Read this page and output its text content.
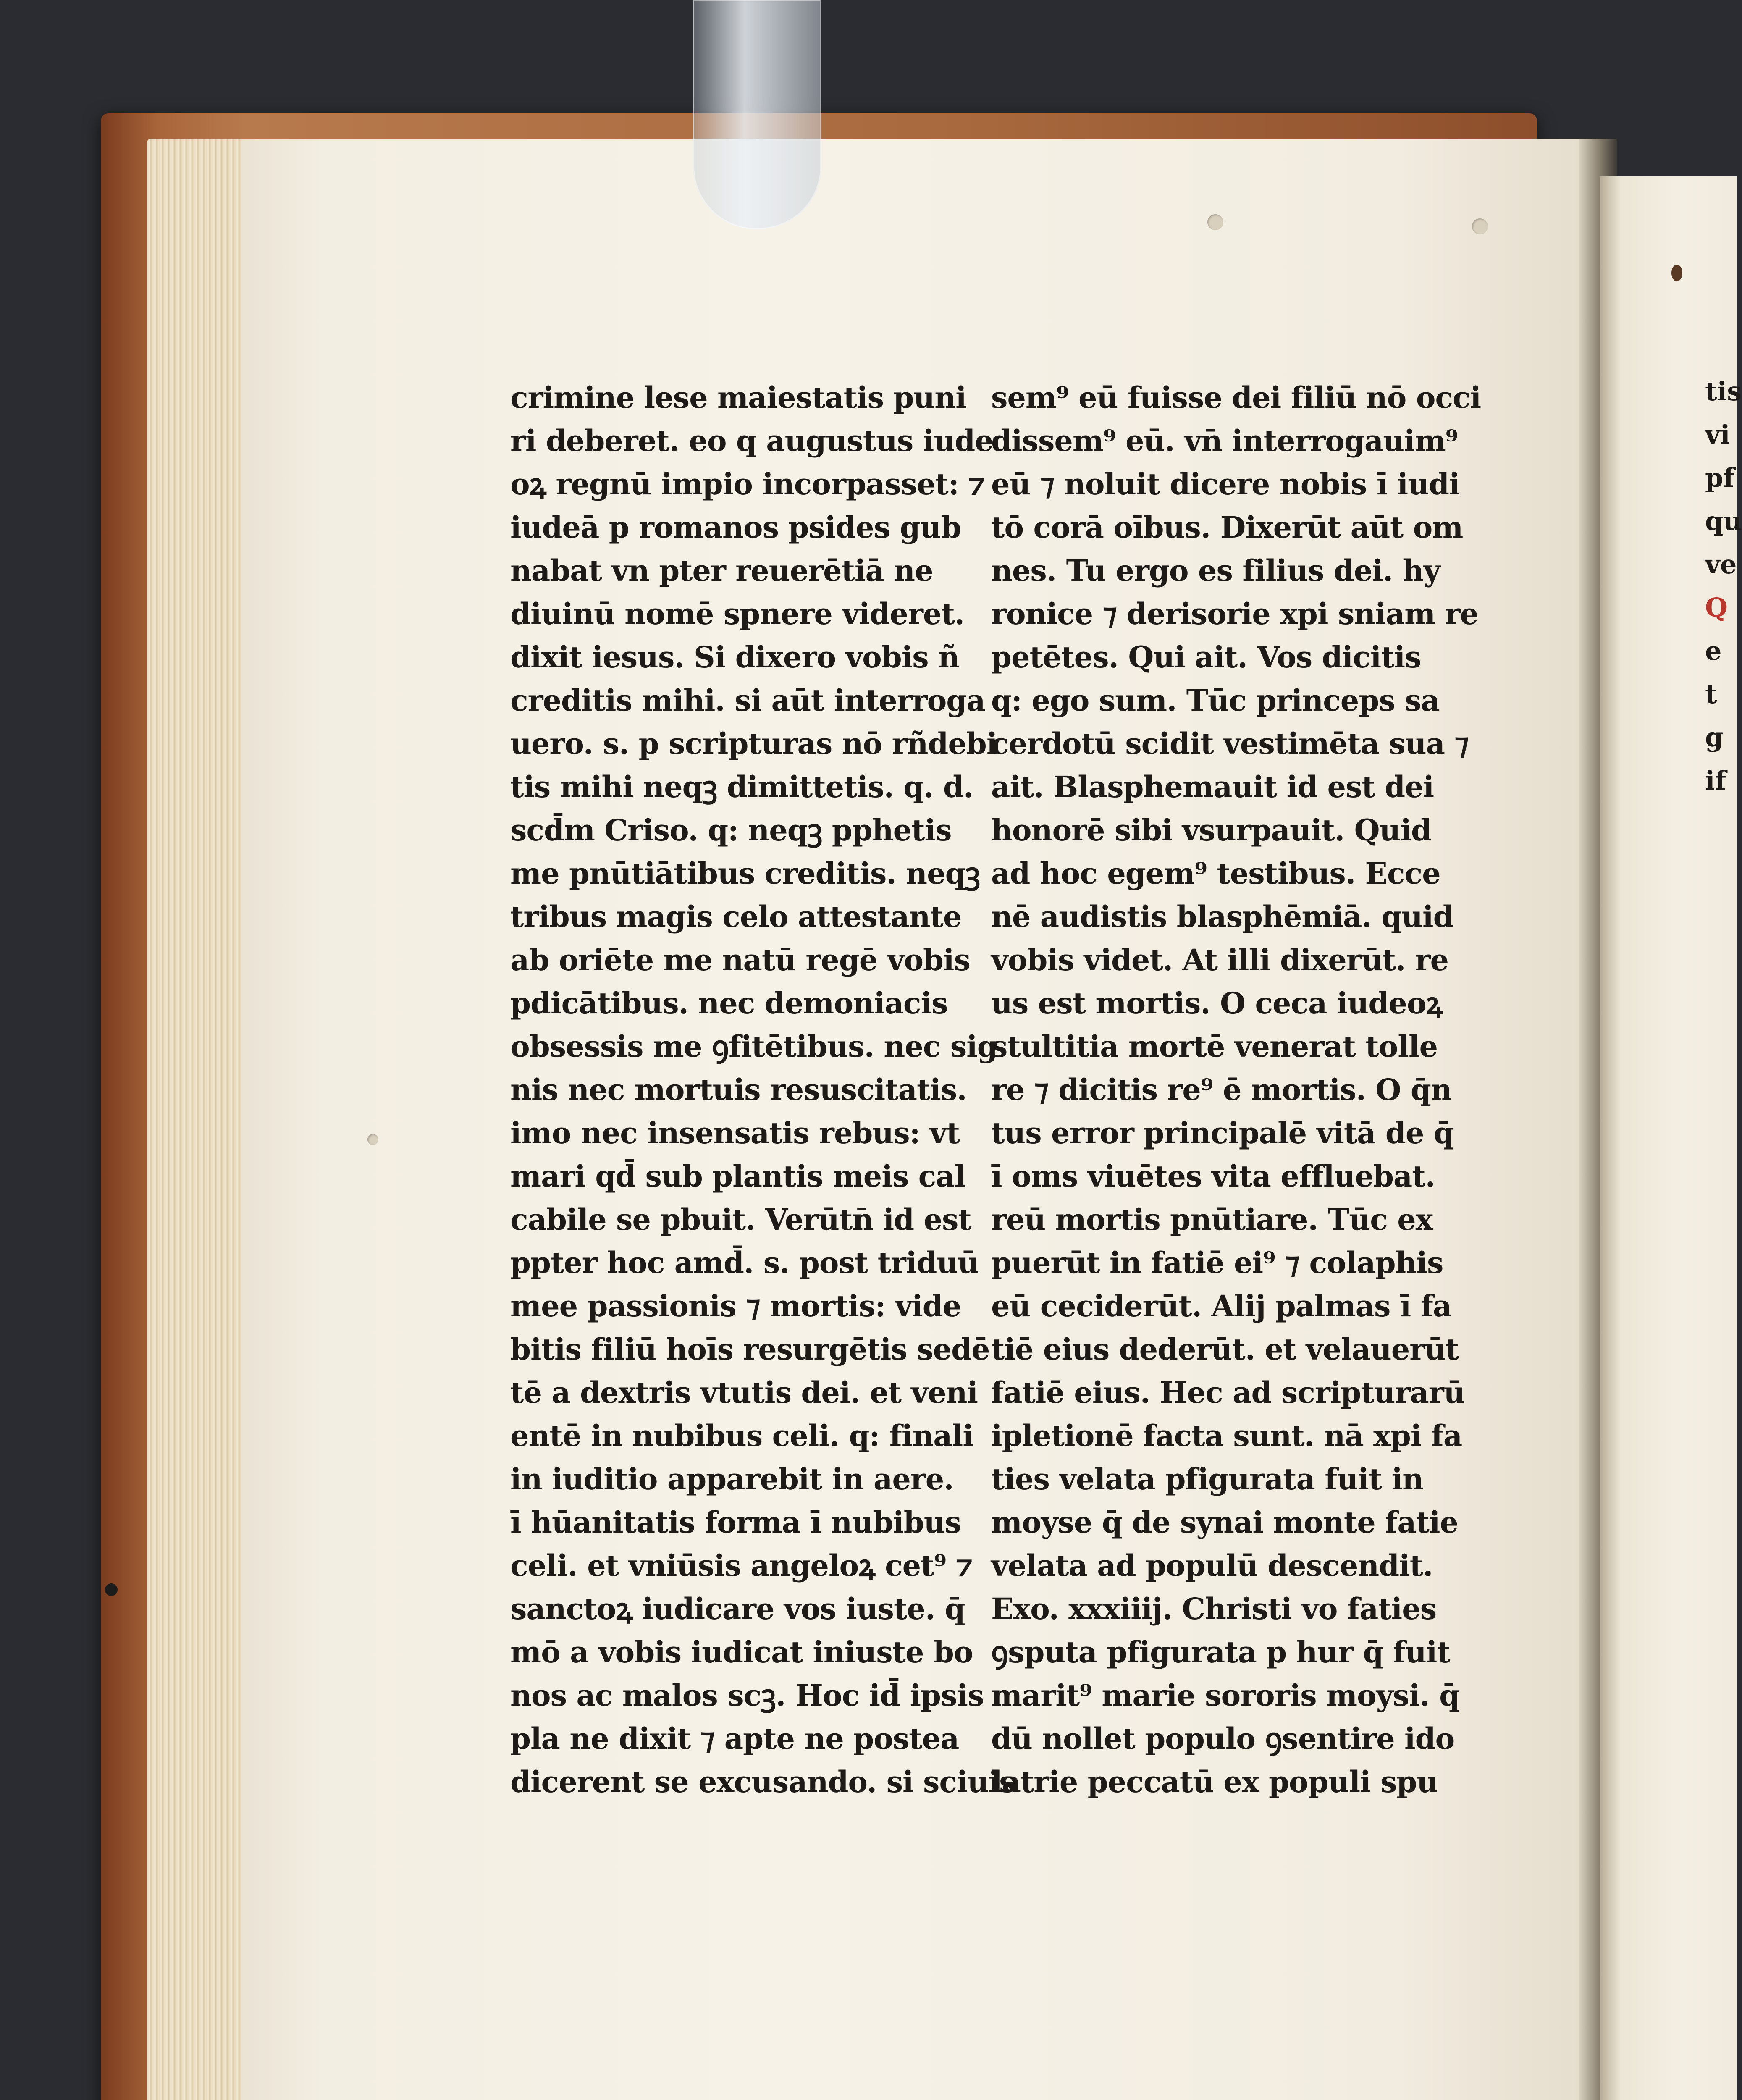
crimine lese maiestatis puni
ri deberet. eo q augustus iude
oꝝ regnū impio incorpasset: ⁊
iudeā p romanos psides gub
nabat vn pter reuerētiā ne
diuinū nomē spnere videret.
dixit iesus. Si dixero vobis ñ
creditis mihi. si aūt interroga
uero. s. p scripturas nō rñdebi
tis mihi neqꝫ dimittetis. q. d.
scd̄m Criso. q: neqꝫ pphetis
me pnūtiātibus creditis. neqꝫ
tribus magis celo attestante
ab oriēte me natū regē vobis
pdicātibus. nec demoniacis
obsessis me ꝯfitētibus. nec sig
nis nec mortuis resuscitatis.
imo nec insensatis rebus: vt
mari qd̄ sub plantis meis cal
cabile se pbuit. Verūtn̄ id est
ppter hoc amd̄. s. post triduū
mee passionis ⁊ mortis: vide
bitis filiū hoīs resurgētis sedē
tē a dextris vtutis dei. et veni
entē in nubibus celi. q: finali
in iuditio apparebit in aere.
ī hūanitatis forma ī nubibus
celi. et vniūsis angeloꝝ cet⁹ ⁊
sanctoꝝ iudicare vos iuste. q̄
mō a vobis iudicat iniuste bo
nos ac malos scꝫ. Hoc id̄ ipsis
pla ne dixit ⁊ apte ne postea
dicerent se excusando. si sciuis
sem⁹ eū fuisse dei filiū nō occi
dissem⁹ eū. vn̄ interrogauim⁹
eū ⁊ noluit dicere nobis ī iudi
tō corā oībus. Dixerūt aūt om
nes. Tu ergo es filius dei. hy
ronice ⁊ derisorie xpi sniam re
petētes. Qui ait. Vos dicitis
q: ego sum. Tūc princeps sa
cerdotū scidit vestimēta sua ⁊
ait. Blasphemauit id est dei
honorē sibi vsurpauit. Quid
ad hoc egem⁹ testibus. Ecce
nē audistis blasphēmiā. quid
vobis videt. At illi dixerūt. re
us est mortis. O ceca iudeoꝝ
stultitia mortē venerat tolle
re ⁊ dicitis re⁹ ē mortis. O q̄n
tus error principalē vitā de q̄
ī oms viuētes vita effluebat.
reū mortis pnūtiare. Tūc ex
puerūt in fatiē ei⁹ ⁊ colaphis
eū ceciderūt. Alij palmas ī fa
tiē eius dederūt. et velauerūt
fatiē eius. Hec ad scripturarū
ipletionē facta sunt. nā xpi fa
ties velata pfigurata fuit in
moyse q̄ de synai monte fatie
velata ad populū descendit.
Exo. xxxiiij. Christi vo faties
ꝯsputa pfigurata p hur q̄ fuit
marit⁹ marie sororis moysi. q̄
dū nollet populo ꝯsentire ido
latrie peccatū ex populi spu
tis
vi
pf
qu
ve
Q
e
t
g
if
